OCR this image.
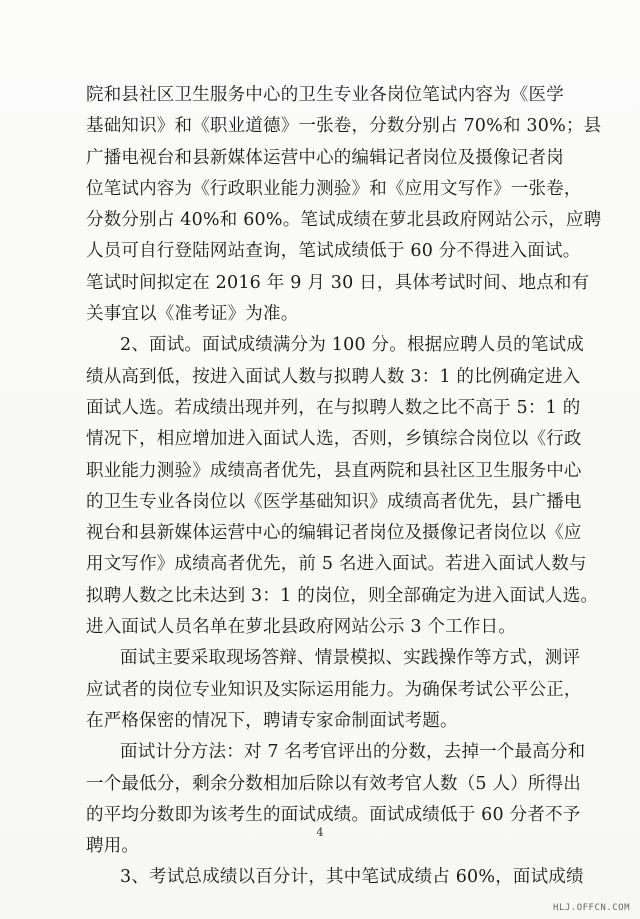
院和县社区卫生服务中心的卫生专业各岗位笔试内容为《医学
基础知识》和《职业道德》一张卷，分数分别占 70%和 30%；县
广播电视台和县新媒体运营中心的编辑记者岗位及摄像记者岗
位笔试内容为《行政职业能力测验》和《应用文写作》一张卷，
分数分别占 40%和 60%。笔试成绩在萝北县政府网站公示，应聘
人员可自行登陆网站查询，笔试成绩低于 60 分不得进入面试。
笔试时间拟定在 2016 年 9 月 30 日，具体考试时间、地点和有
关事宜以《准考证》为准。

2、面试。面试成绩满分为 100 分。根据应聘人员的笔试成
绩从高到低，按进入面试人数与拟聘人数 3：1 的比例确定进入
面试人选。若成绩出现并列，在与拟聘人数之比不高于 5：1 的
情况下，相应增加进入面试人选，否则，乡镇综合岗位以《行政
职业能力测验》成绩高者优先，县直两院和县社区卫生服务中心
的卫生专业各岗位以《医学基础知识》成绩高者优先，县广播电
视台和县新媒体运营中心的编辑记者岗位及摄像记者岗位以《应
用文写作》成绩高者优先，前 5 名进入面试。若进入面试人数与
拟聘人数之比未达到 3：1 的岗位，则全部确定为进入面试人选。
进入面试人员名单在萝北县政府网站公示 3 个工作日。

面试主要采取现场答辩、情景模拟、实践操作等方式，测评
应试者的岗位专业知识及实际运用能力。为确保考试公平公正，
在严格保密的情况下，聘请专家命制面试考题。

面试计分方法：对 7 名考官评出的分数，去掉一个最高分和
一个最低分，剩余分数相加后除以有效考官人数（5 人）所得出
的平均分数即为该考生的面试成绩。面试成绩低于 60 分者不予
聘用。

3、考试总成绩以百分计，其中笔试成绩占 60%，面试成绩

4
HLJ.OFFCN.COM
